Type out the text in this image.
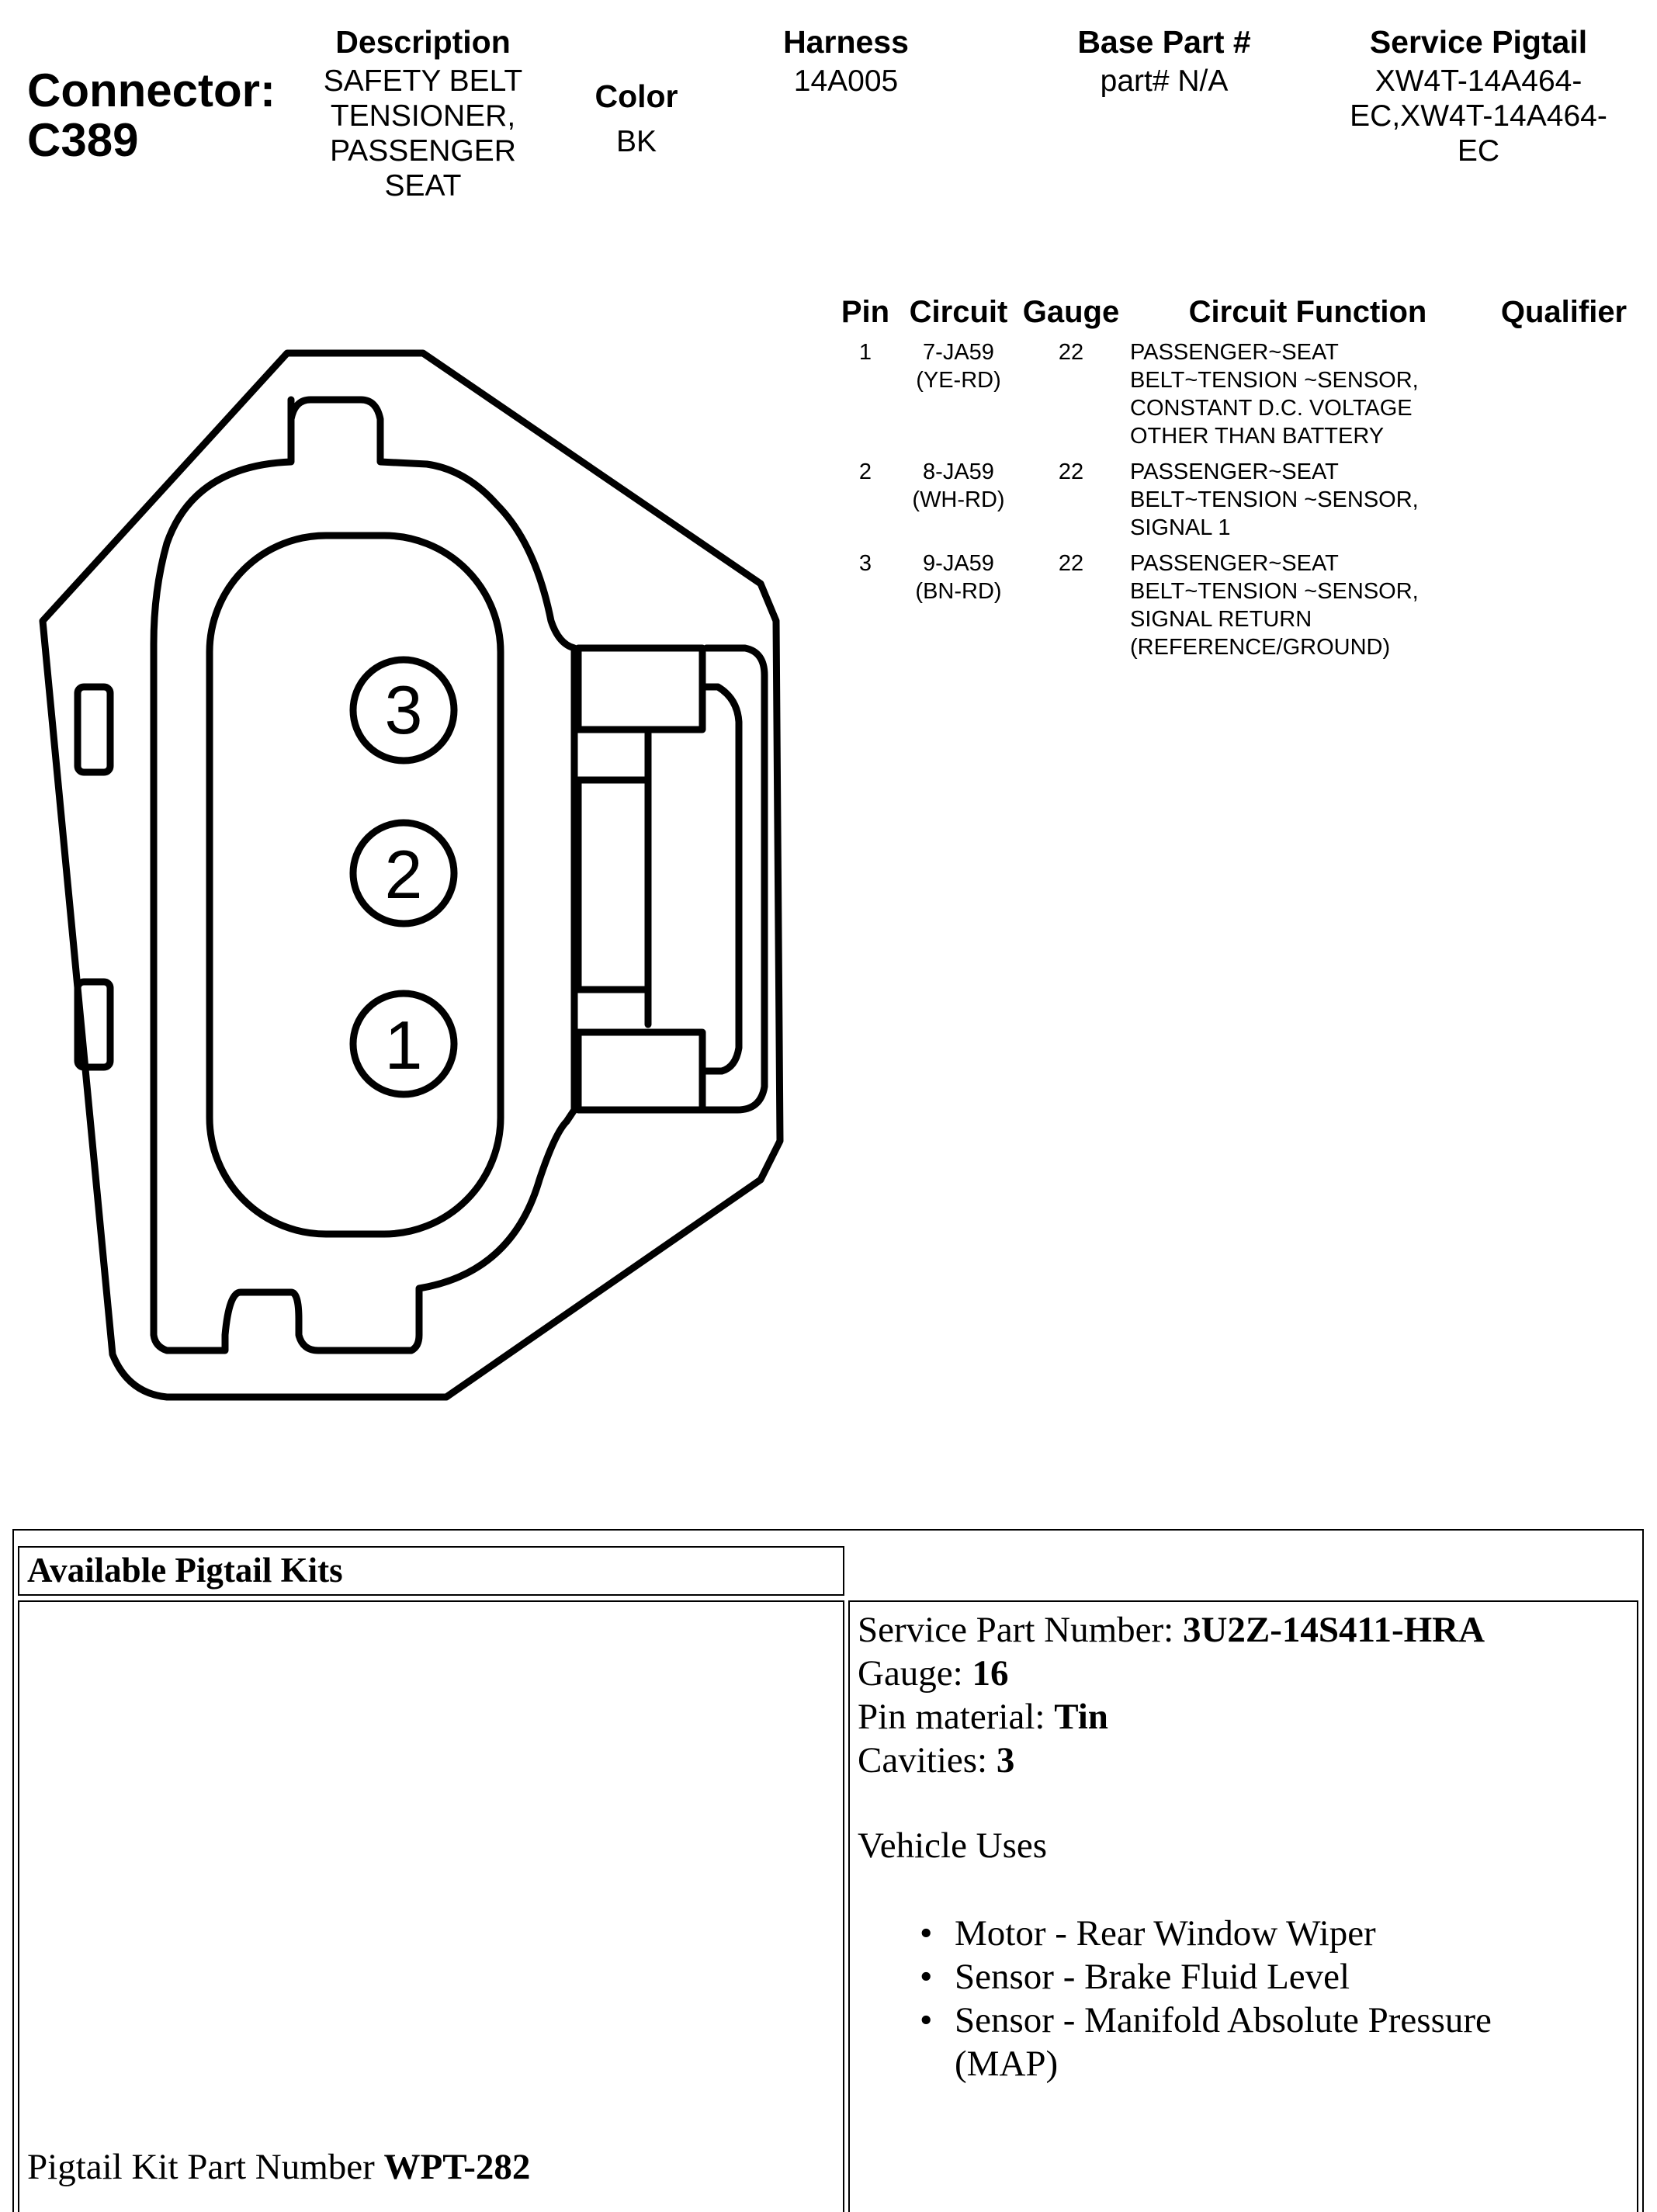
Connector:
C389
Description
SAFETY BELT
TENSIONER,
PASSENGER
SEAT
Color
BK
Harness
14A005
Base Part #
part# N/A
Service Pigtail
XW4T-14A464-
EC,XW4T-14A464-
EC
Pin Circuit Gauge	Circuit Function	Qualifier
1	7-JA59
(YE-RD)
22	PASSENGER~SEAT
BELT~TENSION ~SENSOR,
CONSTANT D.C. VOLTAGE
OTHER THAN BATTERY
2	8-JA59
(WH-RD)
22	PASSENGER~SEAT
BELT~TENSION ~SENSOR,
SIGNAL 1
3	9-JA59
(BN-RD)
22	PASSENGER~SEAT
BELT~TENSION ~SENSOR,
SIGNAL RETURN
(REFERENCE/GROUND)
3
2
1
Available Pigtail Kits
Pigtail Kit Part Number WPT-282
Service Part Number: 3U2Z-14S411-HRA
Gauge: 16
Pin material: Tin
Cavities: 3
Vehicle Uses
• Motor - Rear Window Wiper
• Sensor - Brake Fluid Level
• Sensor - Manifold Absolute Pressure
(MAP)
